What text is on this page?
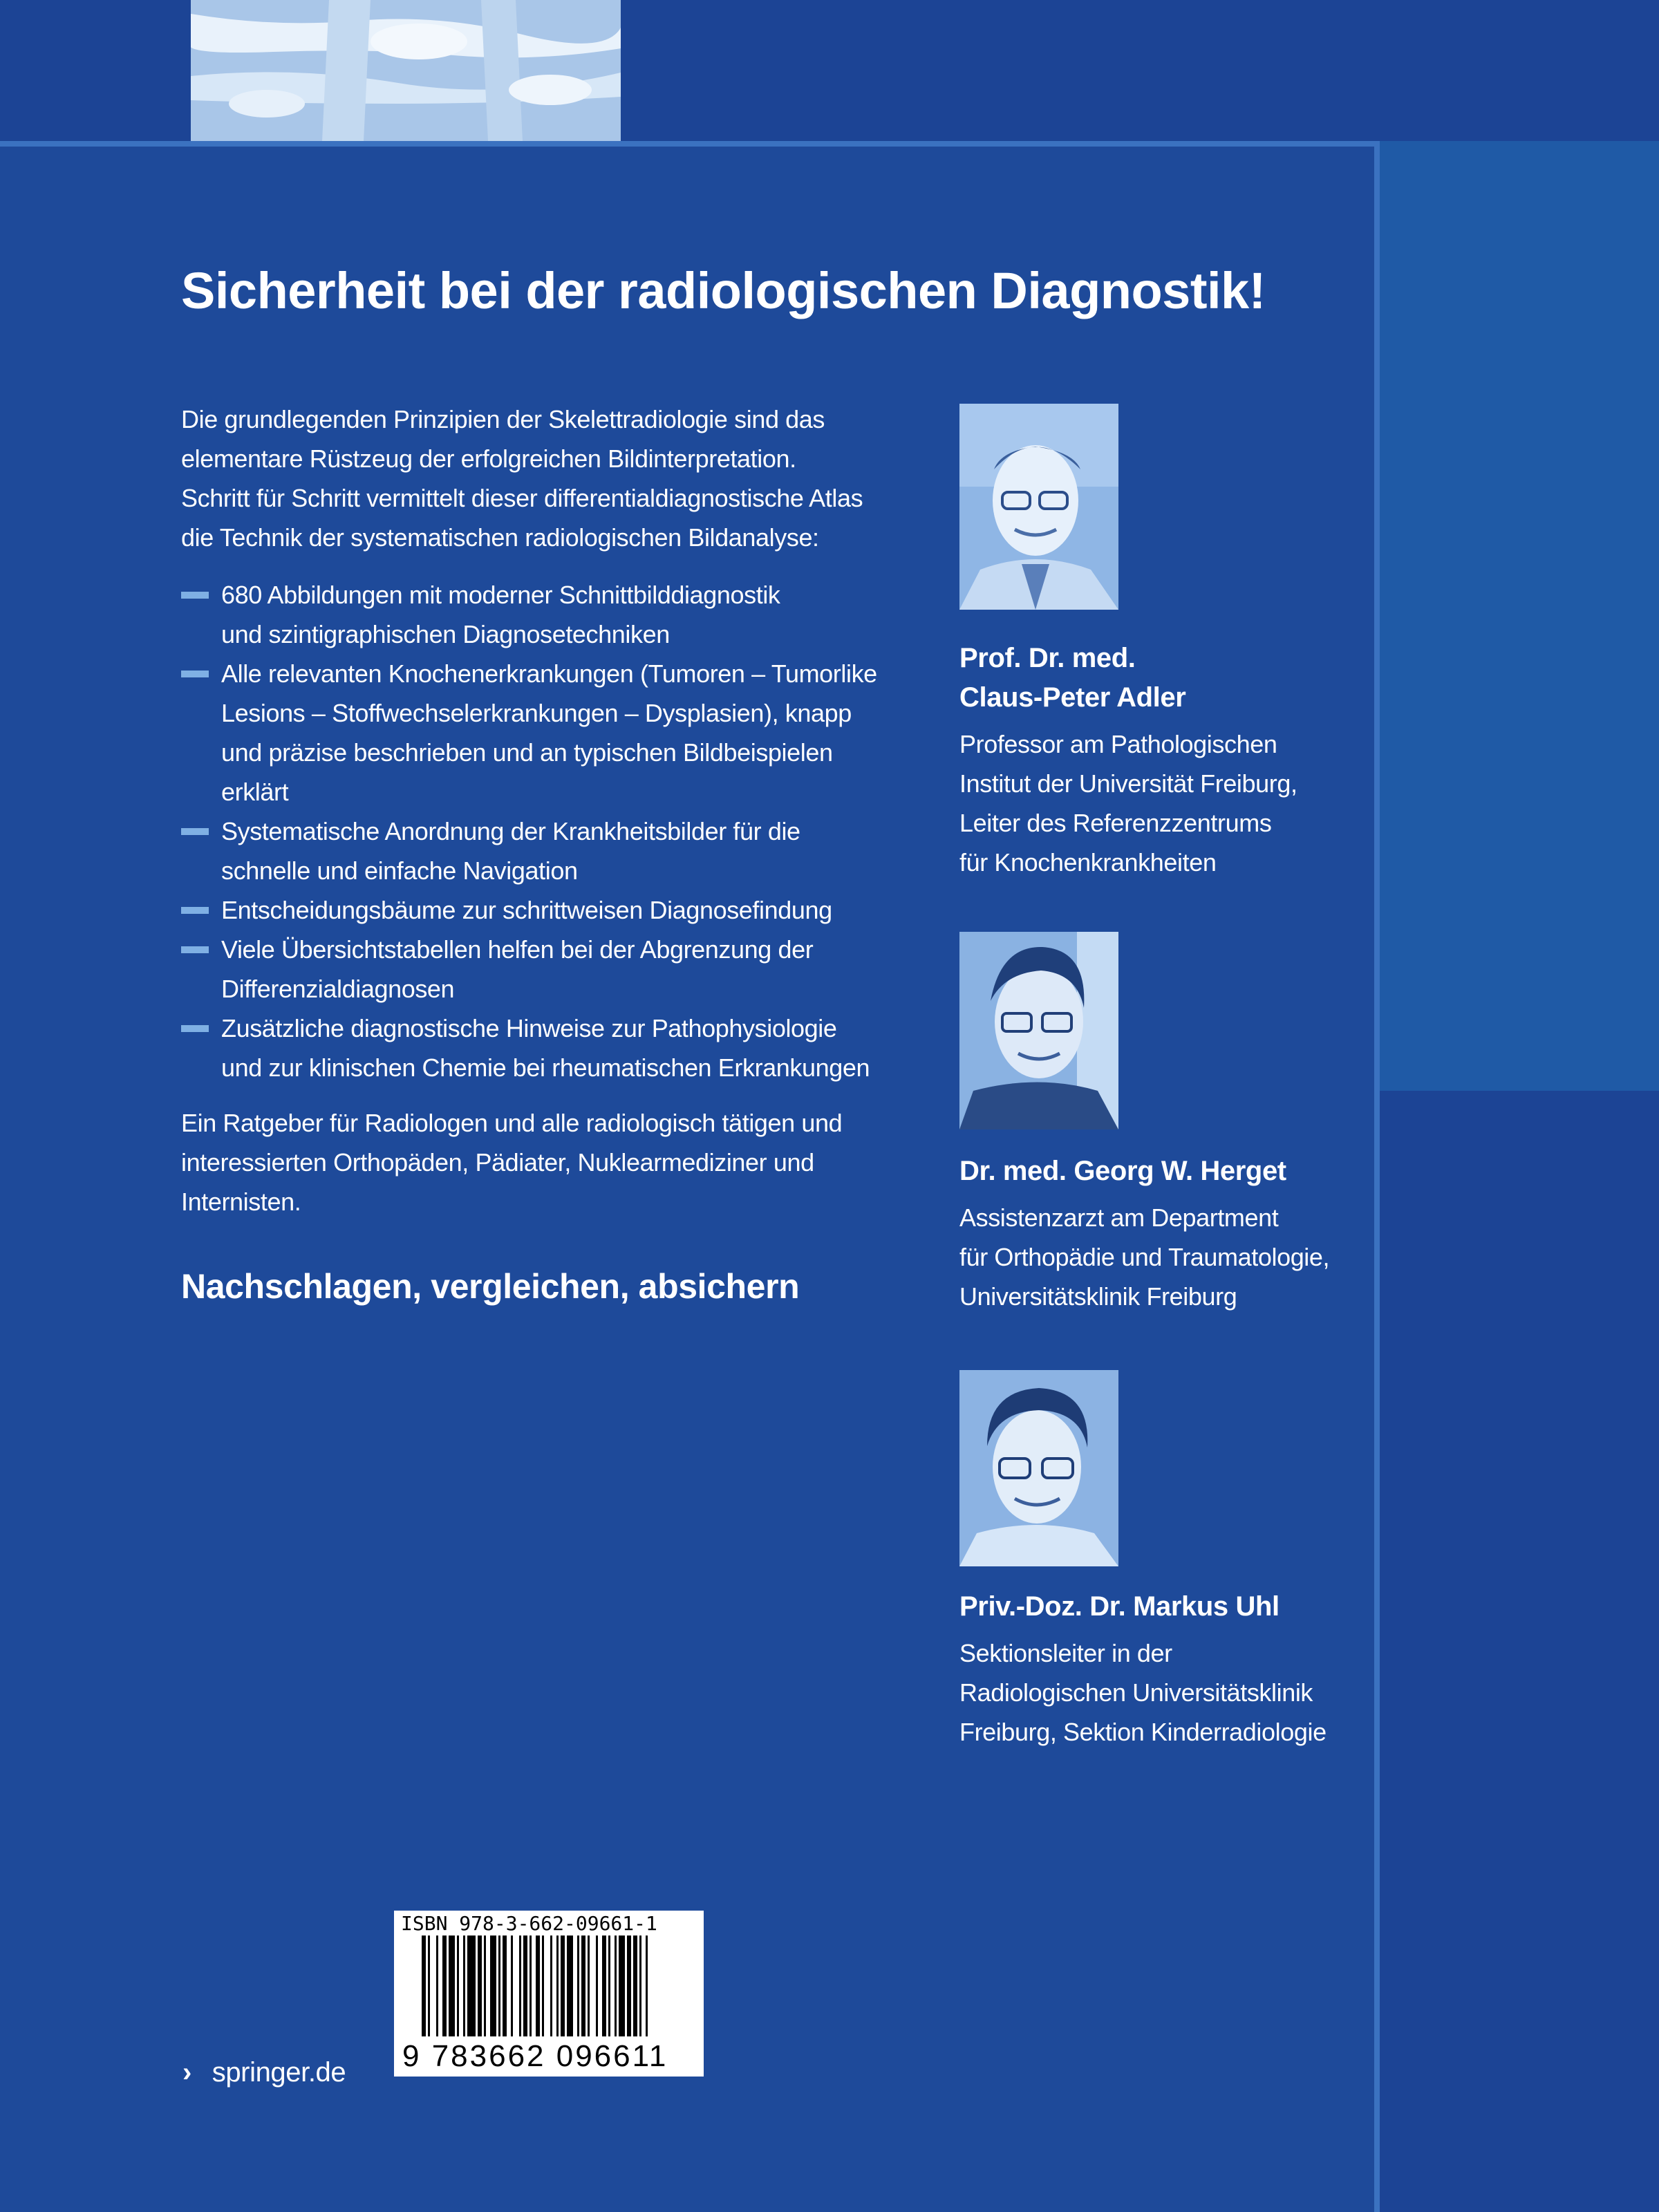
Sicherheit bei der radiologischen Diagnostik!
Die grundlegenden Prinzipien der Skelettradiologie sind das
elementare Rüstzeug der erfolgreichen Bildinterpretation.
Schritt für Schritt vermittelt dieser differentialdiagnostische Atlas
die Technik der systematischen radiologischen Bildanalyse:
680 Abbildungen mit moderner Schnittbilddiagnostik
und szintigraphischen Diagnosetechniken
Alle relevanten Knochenerkrankungen (Tumoren – Tumorlike
Lesions – Stoffwechselerkrankungen – Dysplasien), knapp
und präzise beschrieben und an typischen Bildbeispielen
erklärt
Systematische Anordnung der Krankheitsbilder für die
schnelle und einfache Navigation
Entscheidungsbäume zur schrittweisen Diagnosefindung
Viele Übersichtstabellen helfen bei der Abgrenzung der
Differenzialdiagnosen
Zusätzliche diagnostische Hinweise zur Pathophysiologie
und zur klinischen Chemie bei rheumatischen Erkrankungen
Ein Ratgeber für Radiologen und alle radiologisch tätigen und
interessierten Orthopäden, Pädiater, Nuklearmediziner und
Internisten.
Nachschlagen, vergleichen, absichern
Prof. Dr. med.
Claus-Peter Adler
Professor am Pathologischen
Institut der Universität Freiburg,
Leiter des Referenzzentrums
für Knochenkrankheiten
Dr. med. Georg W. Herget
Assistenzarzt am Department
für Orthopädie und Traumatologie,
Universitätsklinik Freiburg
Priv.-Doz. Dr. Markus Uhl
Sektionsleiter in der
Radiologischen Universitätsklinik
Freiburg, Sektion Kinderradiologie
ISBN 978-3-662-09661-1
9 783662 096611
› springer.de
